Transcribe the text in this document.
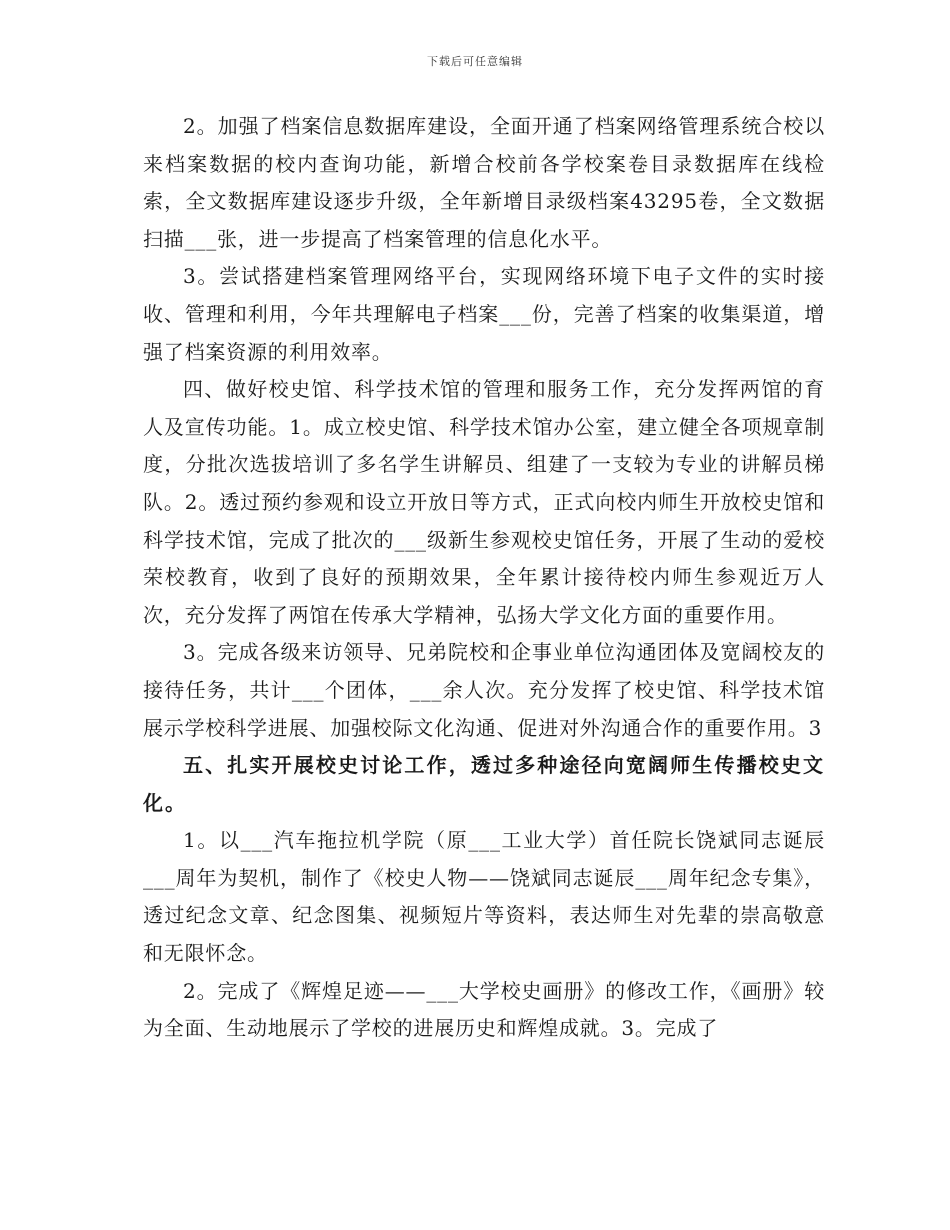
下载后可任意编辑

2。加强了档案信息数据库建设，全面开通了档案网络管理系统合校以来档案数据的校内查询功能，新增合校前各学校案卷目录数据库在线检索，全文数据库建设逐步升级，全年新增目录级档案43295卷，全文数据扫描___张，进一步提高了档案管理的信息化水平。

3。尝试搭建档案管理网络平台，实现网络环境下电子文件的实时接收、管理和利用，今年共理解电子档案___份，完善了档案的收集渠道，增强了档案资源的利用效率。

四、做好校史馆、科学技术馆的管理和服务工作，充分发挥两馆的育人及宣传功能。1。成立校史馆、科学技术馆办公室，建立健全各项规章制度，分批次选拔培训了多名学生讲解员、组建了一支较为专业的讲解员梯队。2。透过预约参观和设立开放日等方式，正式向校内师生开放校史馆和科学技术馆，完成了批次的___级新生参观校史馆任务，开展了生动的爱校荣校教育，收到了良好的预期效果，全年累计接待校内师生参观近万人次，充分发挥了两馆在传承大学精神，弘扬大学文化方面的重要作用。

3。完成各级来访领导、兄弟院校和企事业单位沟通团体及宽阔校友的接待任务，共计___个团体，___余人次。充分发挥了校史馆、科学技术馆展示学校科学进展、加强校际文化沟通、促进对外沟通合作的重要作用。3

五、扎实开展校史讨论工作，透过多种途径向宽阔师生传播校史文化。

1。以___汽车拖拉机学院（原___工业大学）首任院长饶斌同志诞辰___周年为契机，制作了《校史人物——饶斌同志诞辰___周年纪念专集》，透过纪念文章、纪念图集、视频短片等资料，表达师生对先辈的崇高敬意和无限怀念。

2。完成了《辉煌足迹——___大学校史画册》的修改工作，《画册》较为全面、生动地展示了学校的进展历史和辉煌成就。3。完成了
